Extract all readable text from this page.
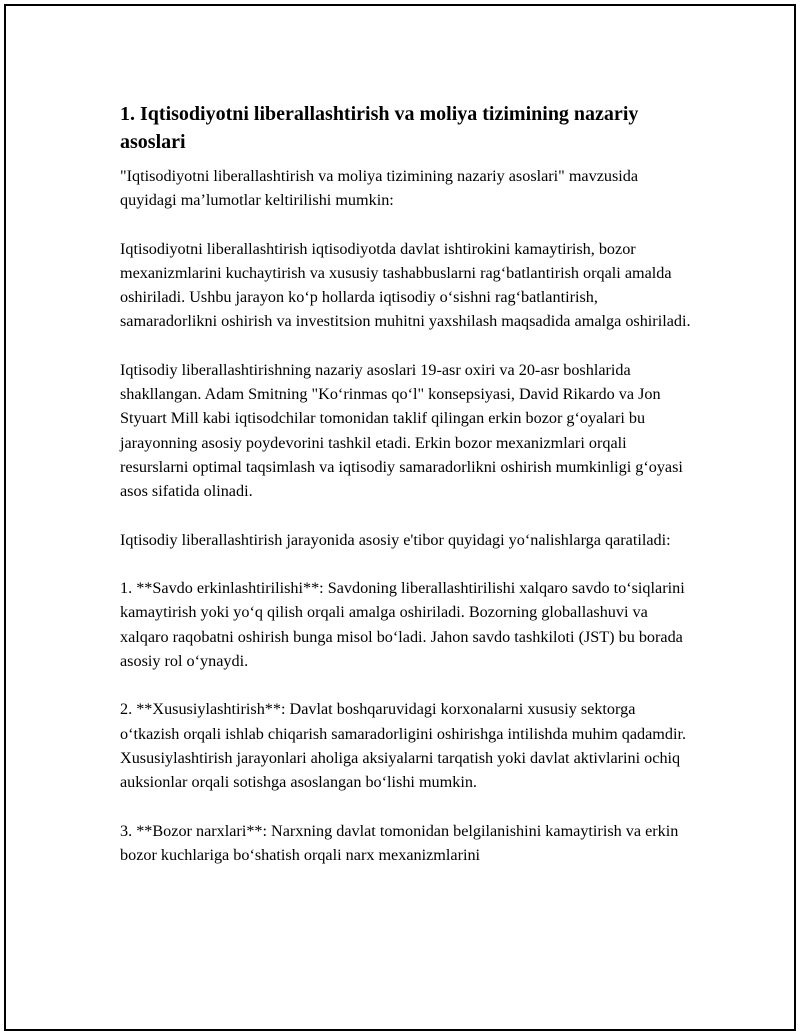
1. Iqtisodiyotni liberallashtirish va moliya tizimining nazariy asoslari

"Iqtisodiyotni liberallashtirish va moliya tizimining nazariy asoslari" mavzusida quyidagi ma’lumotlar keltirilishi mumkin:

Iqtisodiyotni liberallashtirish iqtisodiyotda davlat ishtirokini kamaytirish, bozor mexanizmlarini kuchaytirish va xususiy tashabbuslarni rag‘batlantirish orqali amalda oshiriladi. Ushbu jarayon ko‘p hollarda iqtisodiy o‘sishni rag‘batlantirish, samaradorlikni oshirish va investitsion muhitni yaxshilash maqsadida amalga oshiriladi.

Iqtisodiy liberallashtirishning nazariy asoslari 19-asr oxiri va 20-asr boshlarida shakllangan. Adam Smitning "Ko‘rinmas qo‘l" konsepsiyasi, David Rikardo va Jon Styuart Mill kabi iqtisodchilar tomonidan taklif qilingan erkin bozor g‘oyalari bu jarayonning asosiy poydevorini tashkil etadi. Erkin bozor mexanizmlari orqali resurslarni optimal taqsimlash va iqtisodiy samaradorlikni oshirish mumkinligi g‘oyasi asos sifatida olinadi.

Iqtisodiy liberallashtirish jarayonida asosiy e'tibor quyidagi yo‘nalishlarga qaratiladi:

1. **Savdo erkinlashtirilishi**: Savdoning liberallashtirilishi xalqaro savdo to‘siqlarini kamaytirish yoki yo‘q qilish orqali amalga oshiriladi. Bozorning globallashuvi va xalqaro raqobatni oshirish bunga misol bo‘ladi. Jahon savdo tashkiloti (JST) bu borada asosiy rol o‘ynaydi.

2. **Xususiylashtirish**: Davlat boshqaruvidagi korxonalarni xususiy sektorga o‘tkazish orqali ishlab chiqarish samaradorligini oshirishga intilishda muhim qadamdir. Xususiylashtirish jarayonlari aholiga aksiyalarni tarqatish yoki davlat aktivlarini ochiq auksionlar orqali sotishga asoslangan bo‘lishi mumkin.

3. **Bozor narxlari**: Narxning davlat tomonidan belgilanishini kamaytirish va erkin bozor kuchlariga bo‘shatish orqali narx mexanizmlarini
